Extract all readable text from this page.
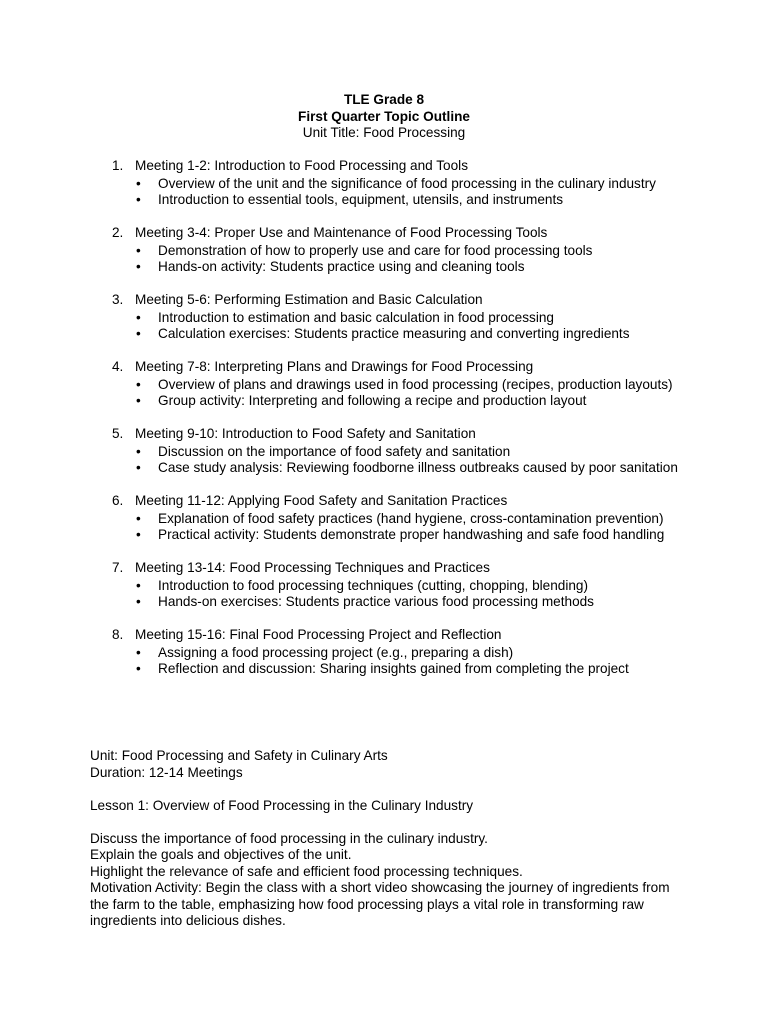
TLE Grade 8
First Quarter Topic Outline
Unit Title: Food Processing
1. Meeting 1-2: Introduction to Food Processing and Tools
• Overview of the unit and the significance of food processing in the culinary industry
• Introduction to essential tools, equipment, utensils, and instruments
2. Meeting 3-4: Proper Use and Maintenance of Food Processing Tools
• Demonstration of how to properly use and care for food processing tools
• Hands-on activity: Students practice using and cleaning tools
3. Meeting 5-6: Performing Estimation and Basic Calculation
• Introduction to estimation and basic calculation in food processing
• Calculation exercises: Students practice measuring and converting ingredients
4. Meeting 7-8: Interpreting Plans and Drawings for Food Processing
• Overview of plans and drawings used in food processing (recipes, production layouts)
• Group activity: Interpreting and following a recipe and production layout
5. Meeting 9-10: Introduction to Food Safety and Sanitation
• Discussion on the importance of food safety and sanitation
• Case study analysis: Reviewing foodborne illness outbreaks caused by poor sanitation
6. Meeting 11-12: Applying Food Safety and Sanitation Practices
• Explanation of food safety practices (hand hygiene, cross-contamination prevention)
• Practical activity: Students demonstrate proper handwashing and safe food handling
7. Meeting 13-14: Food Processing Techniques and Practices
• Introduction to food processing techniques (cutting, chopping, blending)
• Hands-on exercises: Students practice various food processing methods
8. Meeting 15-16: Final Food Processing Project and Reflection
• Assigning a food processing project (e.g., preparing a dish)
• Reflection and discussion: Sharing insights gained from completing the project
Unit: Food Processing and Safety in Culinary Arts
Duration: 12-14 Meetings
Lesson 1: Overview of Food Processing in the Culinary Industry
Discuss the importance of food processing in the culinary industry.
Explain the goals and objectives of the unit.
Highlight the relevance of safe and efficient food processing techniques.
Motivation Activity: Begin the class with a short video showcasing the journey of ingredients from the farm to the table, emphasizing how food processing plays a vital role in transforming raw ingredients into delicious dishes.
